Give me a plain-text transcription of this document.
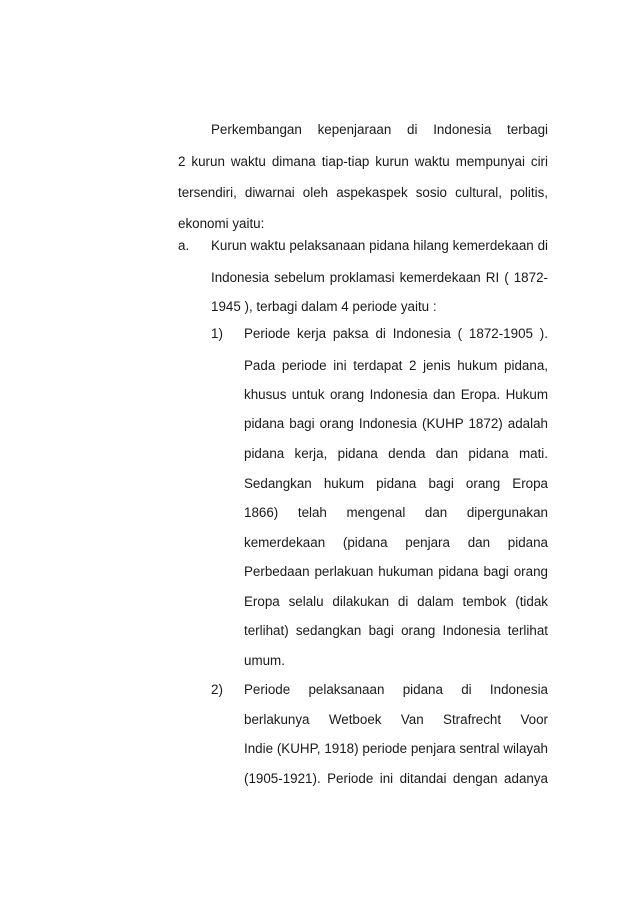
Perkembangan kepenjaraan di Indonesia terbagi
2 kurun waktu dimana tiap-tiap kurun waktu mempunyai ciri
tersendiri, diwarnai oleh aspekaspek sosio cultural, politis,
ekonomi yaitu:
a. Kurun waktu pelaksanaan pidana hilang kemerdekaan di
Indonesia sebelum proklamasi kemerdekaan RI ( 1872-
1945 ), terbagi dalam 4 periode yaitu :
1) Periode kerja paksa di Indonesia ( 1872-1905 ).
Pada periode ini terdapat 2 jenis hukum pidana,
khusus untuk orang Indonesia dan Eropa. Hukum
pidana bagi orang Indonesia (KUHP 1872) adalah
pidana kerja, pidana denda dan pidana mati.
Sedangkan hukum pidana bagi orang Eropa
1866) telah mengenal dan dipergunakan
kemerdekaan (pidana penjara dan pidana
Perbedaan perlakuan hukuman pidana bagi orang
Eropa selalu dilakukan di dalam tembok (tidak
terlihat) sedangkan bagi orang Indonesia terlihat
umum.
2) Periode pelaksanaan pidana di Indonesia
berlakunya Wetboek Van Strafrecht Voor
Indie (KUHP, 1918) periode penjara sentral wilayah
(1905-1921). Periode ini ditandai dengan adanya
